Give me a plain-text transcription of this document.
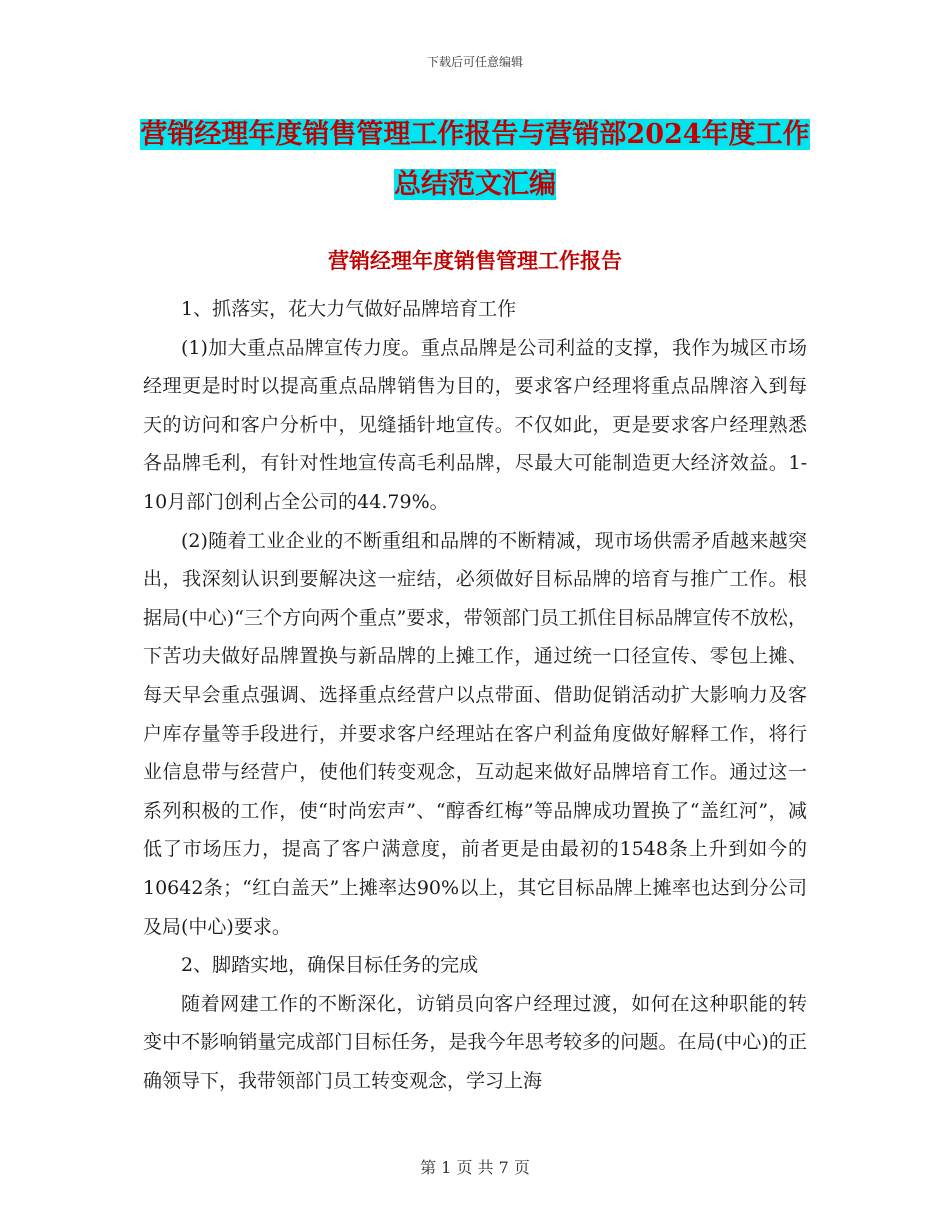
下载后可任意编辑
营销经理年度销售管理工作报告与营销部2024年度工作总结范文汇编
营销经理年度销售管理工作报告

1、抓落实，花大力气做好品牌培育工作

(1)加大重点品牌宣传力度。重点品牌是公司利益的支撑，我作为城区市场经理更是时时以提高重点品牌销售为目的，要求客户经理将重点品牌溶入到每天的访问和客户分析中，见缝插针地宣传。不仅如此，更是要求客户经理熟悉各品牌毛利，有针对性地宣传高毛利品牌，尽最大可能制造更大经济效益。1-10月部门创利占全公司的44.79%。

(2)随着工业企业的不断重组和品牌的不断精减，现市场供需矛盾越来越突出，我深刻认识到要解决这一症结，必须做好目标品牌的培育与推广工作。根据局(中心)“三个方向两个重点”要求，带领部门员工抓住目标品牌宣传不放松，下苦功夫做好品牌置换与新品牌的上摊工作，通过统一口径宣传、零包上摊、每天早会重点强调、选择重点经营户以点带面、借助促销活动扩大影响力及客户库存量等手段进行，并要求客户经理站在客户利益角度做好解释工作，将行业信息带与经营户，使他们转变观念，互动起来做好品牌培育工作。通过这一系列积极的工作，使“时尚宏声”、“醇香红梅”等品牌成功置换了“盖红河”，减低了市场压力，提高了客户满意度，前者更是由最初的1548条上升到如今的10642条；“红白盖天”上摊率达90%以上，其它目标品牌上摊率也达到分公司及局(中心)要求。

2、脚踏实地，确保目标任务的完成

随着网建工作的不断深化，访销员向客户经理过渡，如何在这种职能的转变中不影响销量完成部门目标任务，是我今年思考较多的问题。在局(中心)的正确领导下，我带领部门员工转变观念，学习上海

第 1 页 共 7 页
